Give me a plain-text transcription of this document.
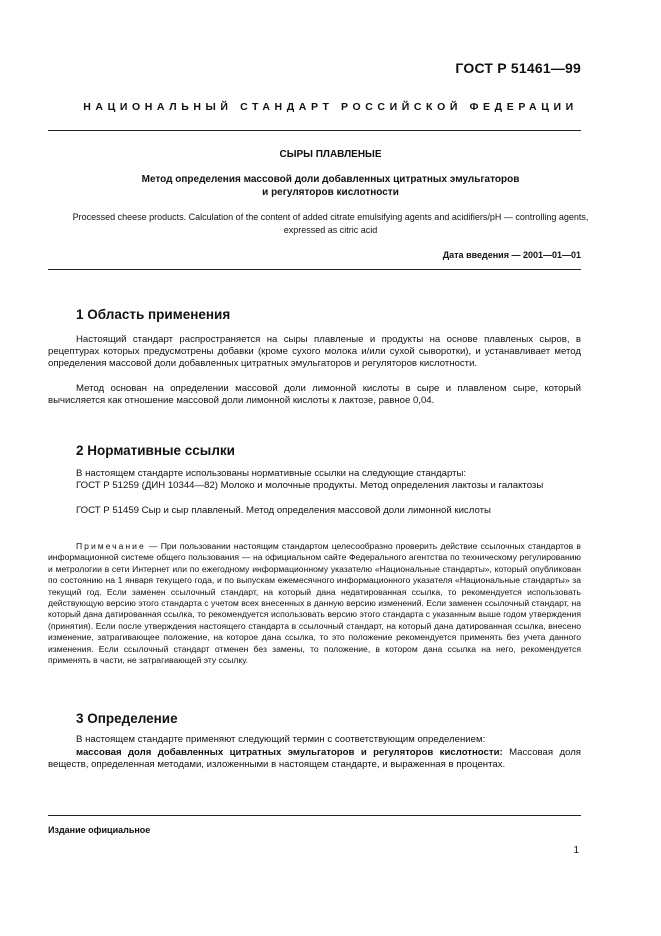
ГОСТ Р 51461—99
НАЦИОНАЛЬНЫЙ СТАНДАРТ РОССИЙСКОЙ ФЕДЕРАЦИИ
СЫРЫ ПЛАВЛЕНЫЕ
Метод определения массовой доли добавленных цитратных эмульгаторов
и регуляторов кислотности
Processed cheese products. Calculation of the content of added citrate emulsifying agents and acidifiers/pH — controlling agents, expressed as citric acid
Дата введения — 2001—01—01
1 Область применения
Настоящий стандарт распространяется на сыры плавленые и продукты на основе плавленых сыров, в рецептурах которых предусмотрены добавки (кроме сухого молока и/или сухой сыворотки), и устанавливает метод определения массовой доли добавленных цитратных эмульгаторов и регуляторов кислотности.
Метод основан на определении массовой доли лимонной кислоты в сыре и плавленом сыре, который вычисляется как отношение массовой доли лимонной кислоты к лактозе, равное 0,04.
2 Нормативные ссылки
В настоящем стандарте использованы нормативные ссылки на следующие стандарты:
ГОСТ Р 51259 (ДИН 10344—82) Молоко и молочные продукты. Метод определения лактозы и галактозы
ГОСТ Р 51459 Сыр и сыр плавленый. Метод определения массовой доли лимонной кислоты
Примечание — При пользовании настоящим стандартом целесообразно проверить действие ссылочных стандартов в информационной системе общего пользования — на официальном сайте Федерального агентства по техническому регулированию и метрологии в сети Интернет или по ежегодному информационному указателю «Национальные стандарты», который опубликован по состоянию на 1 января текущего года, и по выпускам ежемесячного информационного указателя «Национальные стандарты» за текущий год. Если заменен ссылочный стандарт, на который дана недатированная ссылка, то рекомендуется использовать действующую версию этого стандарта с учетом всех внесенных в данную версию изменений. Если заменен ссылочный стандарт, на который дана датированная ссылка, то рекомендуется использовать версию этого стандарта с указанным выше годом утверждения (принятия). Если после утверждения настоящего стандарта в ссылочный стандарт, на который дана датированная ссылка, внесено изменение, затрагивающее положение, на которое дана ссылка, то это положение рекомендуется применять без учета данного изменения. Если ссылочный стандарт отменен без замены, то положение, в котором дана ссылка на него, рекомендуется применять в части, не затрагивающей эту ссылку.
3 Определение
В настоящем стандарте применяют следующий термин с соответствующим определением:
массовая доля добавленных цитратных эмульгаторов и регуляторов кислотности: Массовая доля веществ, определенная методами, изложенными в настоящем стандарте, и выраженная в процентах.
Издание официальное
1
